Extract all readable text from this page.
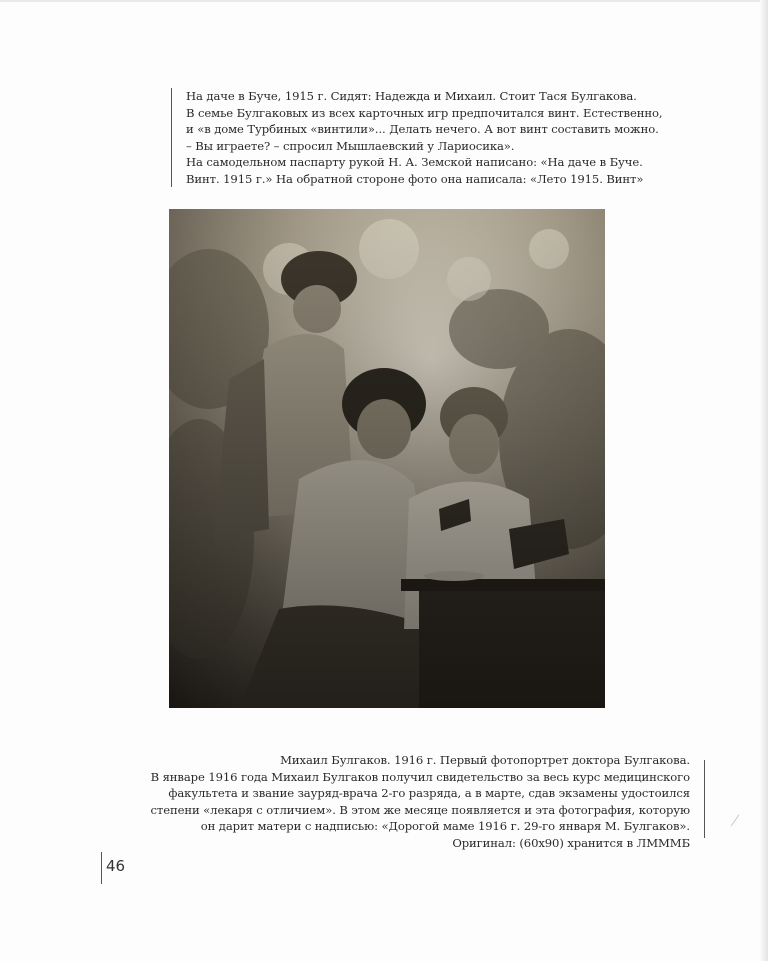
На даче в Буче, 1915 г. Сидят: Надежда и Михаил. Стоит Тася Булгакова.
В семье Булгаковых из всех карточных игр предпочитался винт. Естественно,
и «в доме Турбиных «винтили»... Делать нечего. А вот винт составить можно.
– Вы играете? – спросил Мышлаевский у Лариосика».
На самодельном паспарту рукой Н. А. Земской написано: «На даче в Буче.
Винт. 1915 г.» На обратной стороне фото она написала: «Лето 1915. Винт»
Михаил Булгаков. 1916 г. Первый фотопортрет доктора Булгакова.
В январе 1916 года Михаил Булгаков получил свидетельство за весь курс медицинского
факультета и звание зауряд-врача 2-го разряда, а в марте, сдав экзамены удостоился
степени «лекаря с отличием». В этом же месяце появляется и эта фотография, которую
он дарит матери с надписью: «Дорогой маме 1916 г. 29-го января М. Булгаков».
Оригинал: (60х90) хранится в ЛМММБ
46
